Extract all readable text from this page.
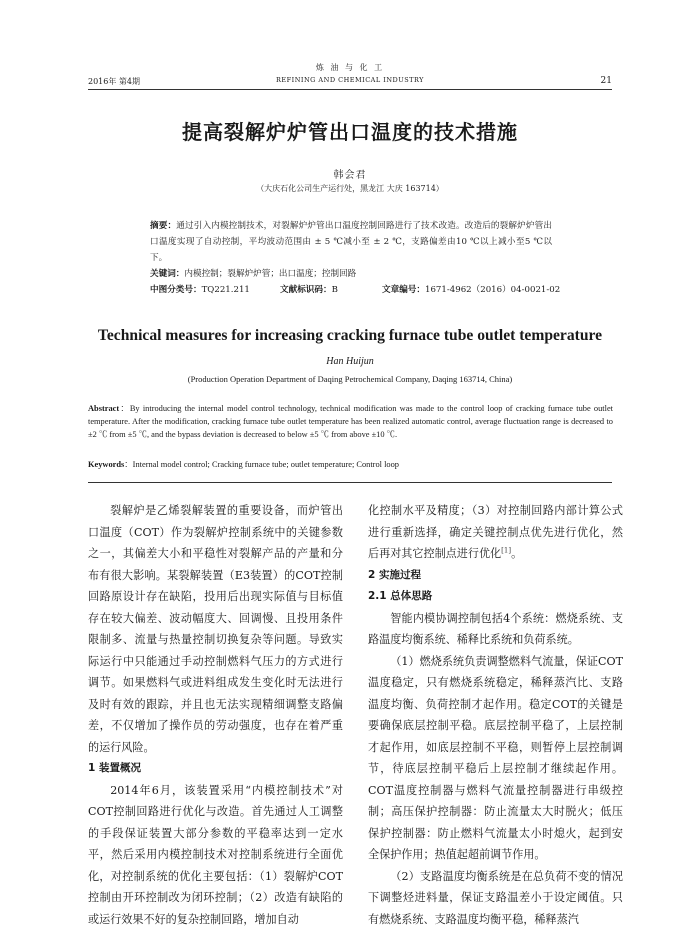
2016年 第4期
炼 油 与 化 工
REFINING AND CHEMICAL INDUSTRY	21
提高裂解炉炉管出口温度的技术措施
韩会君
（大庆石化公司生产运行处，黑龙江 大庆 163714）
摘要：通过引入内模控制技术，对裂解炉炉管出口温度控制回路进行了技术改造。改造后的裂解炉炉管出口温度实现了自动控制，平均波动范围由 ± 5 ℃减小至 ± 2 ℃，支路偏差由10 ℃以上减小至5 ℃以下。
关键词：内模控制；裂解炉炉管；出口温度；控制回路
中图分类号：TQ221.211	文献标识码：B	文章编号：1671-4962（2016）04-0021-02
Technical measures for increasing cracking furnace tube outlet temperature
Han Huijun
(Production Operation Department of Daqing Petrochemical Company, Daqing 163714, China)
Abstract：By introducing the internal model control technology, technical modification was made to the control loop of cracking furnace tube outlet temperature. After the modification, cracking furnace tube outlet temperature has been realized automatic control, average fluctuation range is decreased to ±2 ℃ from ±5 ℃, and the bypass deviation is decreased to below ±5 ℃ from above ±10 ℃.
Keywords：Internal model control; Cracking furnace tube; outlet temperature; Control loop

裂解炉是乙烯裂解装置的重要设备，而炉管出口温度（COT）作为裂解炉控制系统中的关键参数之一，其偏差大小和平稳性对裂解产品的产量和分布有很大影响。某裂解装置（E3装置）的COT控制回路原设计存在缺陷，投用后出现实际值与目标值存在较大偏差、波动幅度大、回调慢、且投用条件限制多、流量与热量控制切换复杂等问题。导致实际运行中只能通过手动控制燃料气压力的方式进行调节。如果燃料气或进料组成发生变化时无法进行及时有效的跟踪，并且也无法实现精细调整支路偏差，不仅增加了操作员的劳动强度，也存在着严重的运行风险。

1 装置概况

2014年6月，该装置采用“内模控制技术”对COT控制回路进行优化与改造。首先通过人工调整的手段保证装置大部分参数的平稳率达到一定水平，然后采用内模控制技术对控制系统进行全面优化，对控制系统的优化主要包括：（1）裂解炉COT控制由开环控制改为闭环控制；（2）改造有缺陷的或运行效果不好的复杂控制回路，增加自动

化控制水平及精度；（3）对控制回路内部计算公式进行重新选择，确定关键控制点优先进行优化，然后再对其它控制点进行优化[1]。

2 实施过程

2.1 总体思路

智能内模协调控制包括4个系统：燃烧系统、支路温度均衡系统、稀释比系统和负荷系统。

（1）燃烧系统负责调整燃料气流量，保证COT温度稳定，只有燃烧系统稳定，稀释蒸汽比、支路温度均衡、负荷控制才起作用。稳定COT的关键是要确保底层控制平稳。底层控制平稳了，上层控制才起作用，如底层控制不平稳，则暂停上层控制调节，待底层控制平稳后上层控制才继续起作用。COT温度控制器与燃料气流量控制器进行串级控制；高压保护控制器：防止流量太大时脱火；低压保护控制器：防止燃料气流量太小时熄火，起到安全保护作用；热值起超前调节作用。

（2）支路温度均衡系统是在总负荷不变的情况下调整烃进料量，保证支路温差小于设定阈值。只有燃烧系统、支路温度均衡平稳，稀释蒸汽
